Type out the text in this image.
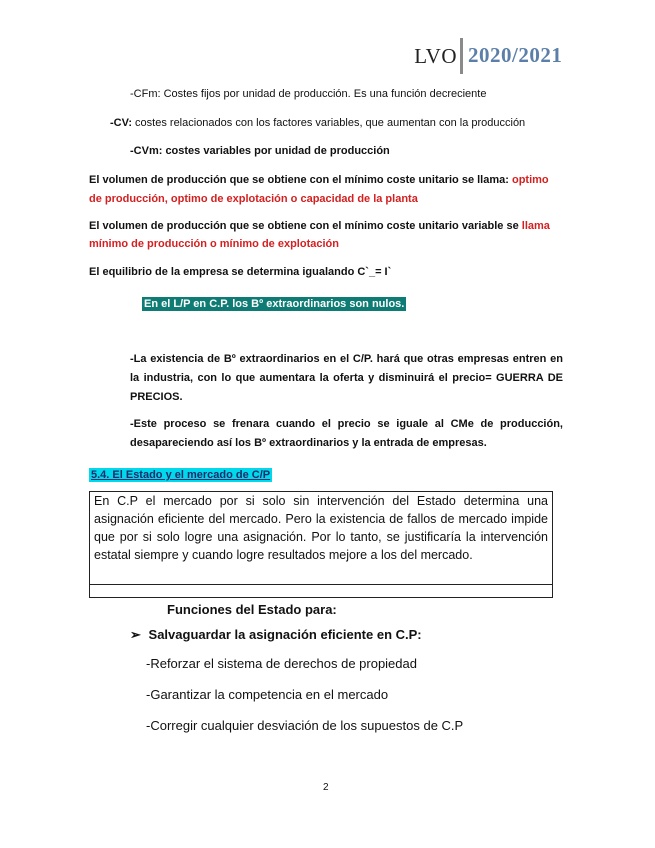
LVO 2020/2021
-CFm: Costes fijos por unidad de producción. Es una función decreciente
-CV: costes relacionados con los factores variables, que aumentan con la producción
-CVm: costes variables por unidad de producción
El volumen de producción que se obtiene con el mínimo coste unitario se llama: optimo
de producción, optimo de explotación o capacidad de la planta
El volumen de producción que se obtiene con el mínimo coste unitario variable se llama
mínimo de producción o mínimo de explotación
El equilibrio de la empresa se determina igualando C`_= I`
En el L/P en C.P. los Bº extraordinarios son nulos.
-La existencia de Bº extraordinarios en el C/P. hará que otras empresas entren en la industria, con lo que aumentara la oferta y disminuirá el precio= GUERRA DE PRECIOS.
-Este proceso se frenara cuando el precio se iguale al CMe de producción, desapareciendo así los Bº extraordinarios y la entrada de empresas.
5.4. El Estado y el mercado de C/P
En C.P el mercado por si solo sin intervención del Estado determina una asignación eficiente del mercado. Pero la existencia de fallos de mercado impide que por si solo logre una asignación. Por lo tanto, se justificaría la intervención estatal siempre y cuando logre resultados mejore a los del mercado.
Funciones del Estado para:
➢ Salvaguardar la asignación eficiente en C.P:
-Reforzar el sistema de derechos de propiedad
-Garantizar la competencia en el mercado
-Corregir cualquier desviación de los supuestos de C.P
2
